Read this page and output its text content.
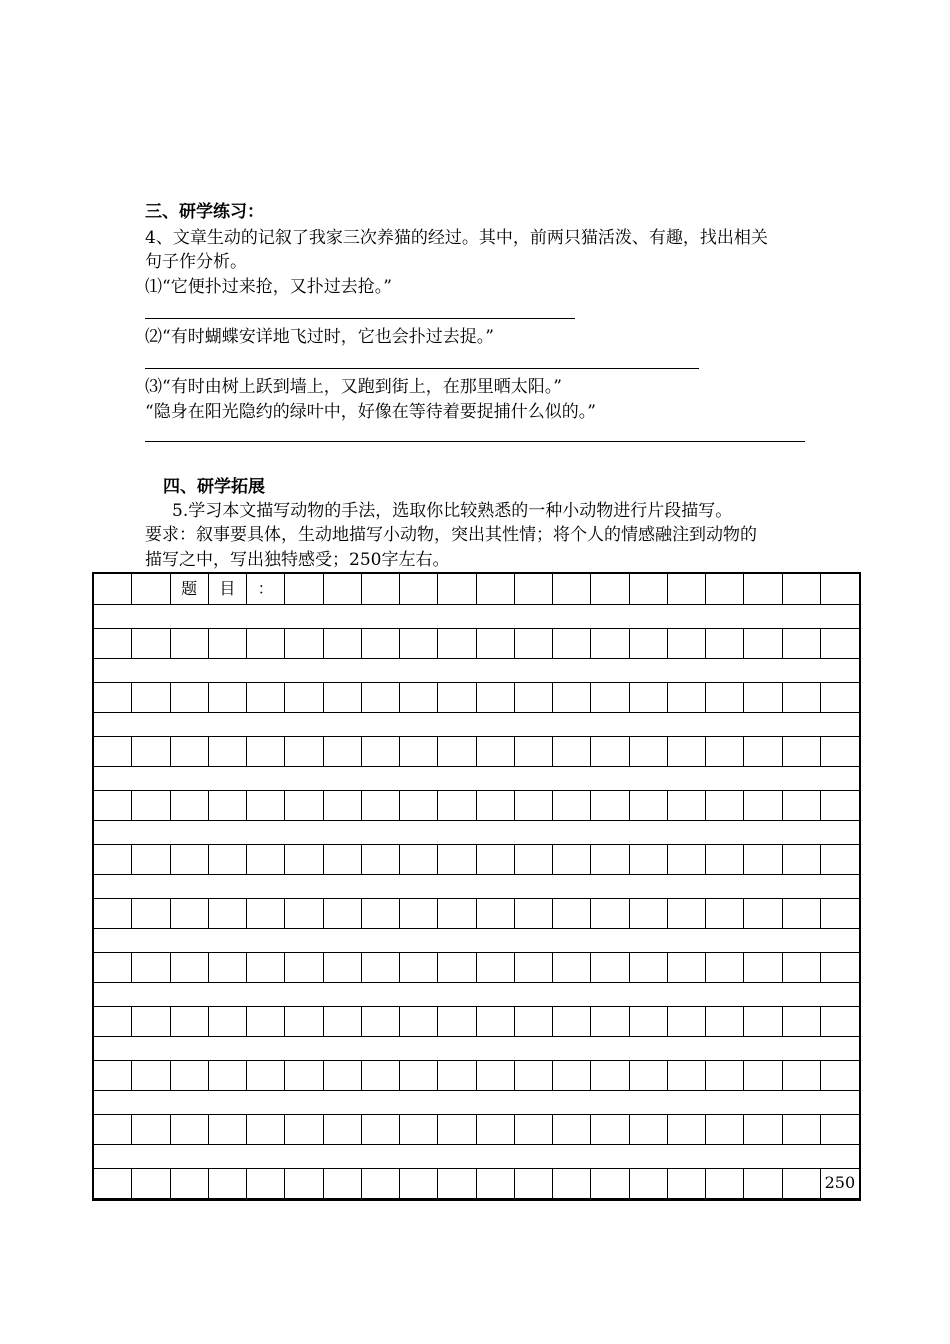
三、研学练习：
4、文章生动的记叙了我家三次养猫的经过。其中，前两只猫活泼、有趣，找出相关
句子作分析。
⑴“它便扑过来抢，又扑过去抢。”
⑵“有时蝴蝶安详地飞过时，它也会扑过去捉。”
⑶“有时由树上跃到墙上，又跑到街上，在那里晒太阳。”
“隐身在阳光隐约的绿叶中，好像在等待着要捉捕什么似的。”
四、研学拓展
5.学习本文描写动物的手法，选取你比较熟悉的一种小动物进行片段描写。
要求：叙事要具体，生动地描写小动物，突出其性情；将个人的情感融注到动物的
描写之中，写出独特感受；250字左右。
题	目	：
250
